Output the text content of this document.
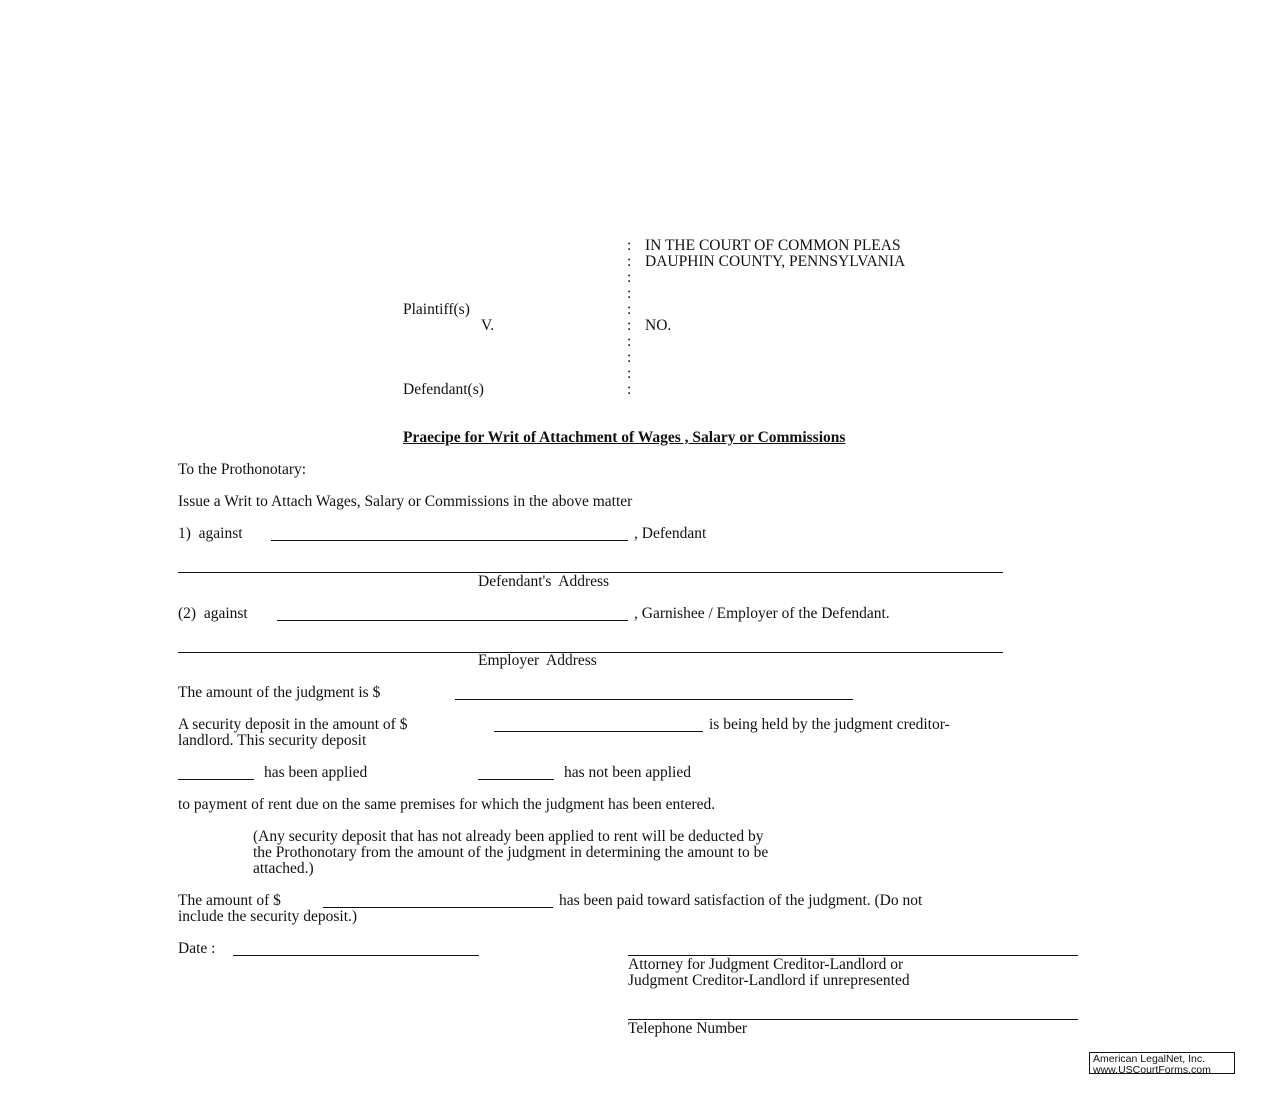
:
:
:
:
:
:
:
:
:
:
IN THE COURT OF COMMON PLEAS
DAUPHIN COUNTY, PENNSYLVANIA
Plaintiff(s)
V.	NO.
Defendant(s)
Praecipe for Writ of Attachment of Wages , Salary or Commissions
To the Prothonotary:
Issue a Writ to Attach Wages, Salary or Commissions in the above matter
1)  against	, Defendant
Defendant's  Address
(2)  against	, Garnishee / Employer of the Defendant.
Employer  Address
The amount of the judgment is $
A security deposit in the amount of $	is being held by the judgment creditor-
landlord. This security deposit
has been applied	has not been applied
to payment of rent due on the same premises for which the judgment has been entered.
(Any security deposit that has not already been applied to rent will be deducted by
the Prothonotary from the amount of the judgment in determining the amount to be
attached.)
The amount of $	has been paid toward satisfaction of the judgment. (Do not
include the security deposit.)
Date :
Attorney for Judgment Creditor-Landlord or
Judgment Creditor-Landlord if unrepresented
Telephone Number
American LegalNet, Inc.
www.USCourtForms.com
